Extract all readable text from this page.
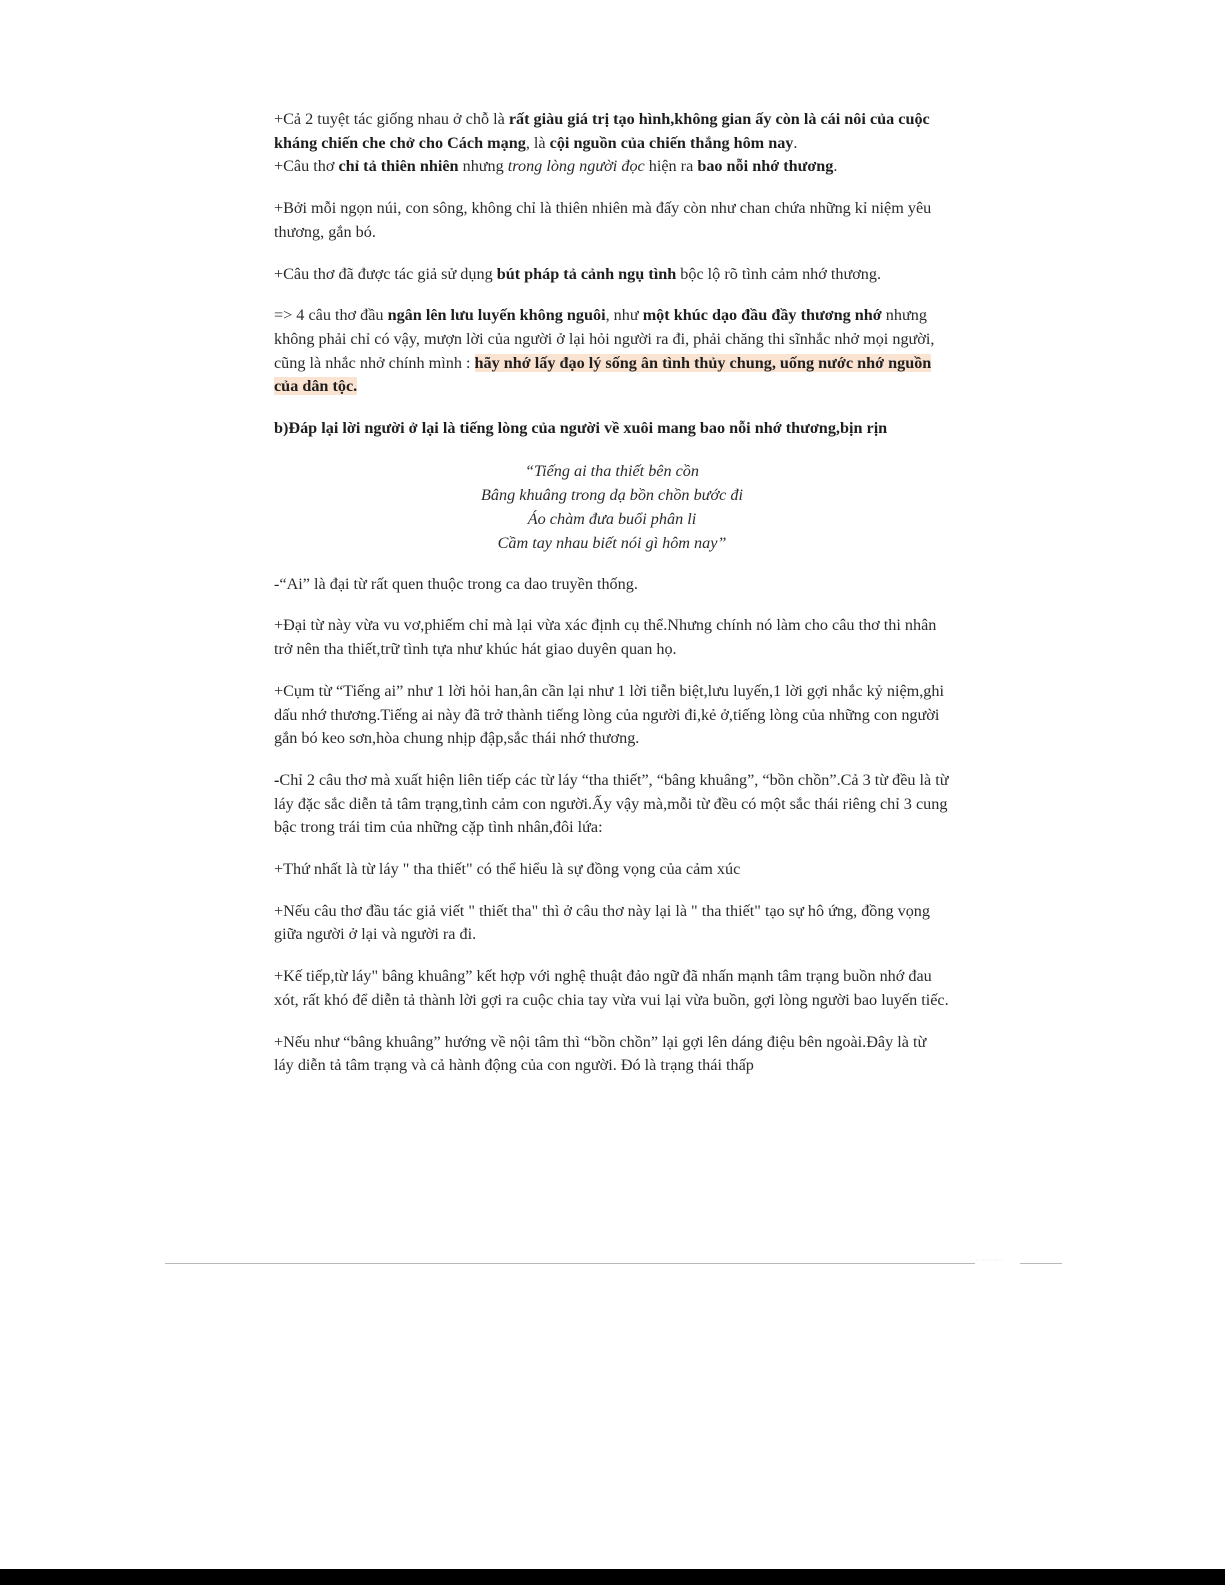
+Cả 2 tuyệt tác giống nhau ở chỗ là rất giàu giá trị tạo hình,không gian ấy còn là cái nôi của cuộc kháng chiến che chở cho Cách mạng, là cội nguồn của chiến thắng hôm nay.
+Câu thơ chỉ tả thiên nhiên nhưng trong lòng người đọc hiện ra bao nỗi nhớ thương.

+Bởi mỗi ngọn núi, con sông, không chỉ là thiên nhiên mà đấy còn như chan chứa những kỉ niệm yêu thương, gắn bó.

+Câu thơ đã được tác giả sử dụng bút pháp tả cảnh ngụ tình bộc lộ rõ tình cảm nhớ thương.

=> 4 câu thơ đầu ngân lên lưu luyến không nguôi, như một khúc dạo đầu đầy thương nhớ nhưng không phải chỉ có vậy, mượn lời của người ở lại hỏi người ra đi, phải chăng thi sĩnhắc nhở mọi người, cũng là nhắc nhở chính mình : hãy nhớ lấy đạo lý sống ân tình thủy chung, uống nước nhớ nguồn của dân tộc.

b)Đáp lại lời người ở lại là tiếng lòng của người về xuôi mang bao nỗi nhớ thương,bịn rịn

“Tiếng ai tha thiết bên cồn
Bâng khuâng trong dạ bồn chồn bước đi
Áo chàm đưa buổi phân li
Cầm tay nhau biết nói gì hôm nay”

-“Ai” là đại từ rất quen thuộc trong ca dao truyền thống.

+Đại từ này vừa vu vơ,phiếm chỉ mà lại vừa xác định cụ thể.Nhưng chính nó làm cho câu thơ thi nhân trở nên tha thiết,trữ tình tựa như khúc hát giao duyên quan họ.

+Cụm từ “Tiếng ai” như 1 lời hỏi han,ân cần lại như 1 lời tiễn biệt,lưu luyến,1 lời gợi nhắc kỷ niệm,ghi dấu nhớ thương.Tiếng ai này đã trở thành tiếng lòng của người đi,kẻ ở,tiếng lòng của những con người gắn bó keo sơn,hòa chung nhịp đập,sắc thái nhớ thương.

-Chỉ 2 câu thơ mà xuất hiện liên tiếp các từ láy “tha thiết”, “bâng khuâng”, “bồn chồn”.Cả 3 từ đều là từ láy đặc sắc diễn tả tâm trạng,tình cảm con người.Ấy vậy mà,mỗi từ đều có một sắc thái riêng chỉ 3 cung bậc trong trái tim của những cặp tình nhân,đôi lứa:

+Thứ nhất là từ láy " tha thiết" có thể hiểu là sự đồng vọng của cảm xúc

+Nếu câu thơ đầu tác giả viết " thiết tha" thì ở câu thơ này lại là " tha thiết" tạo sự hô ứng, đồng vọng giữa người ở lại và người ra đi.

+Kế tiếp,từ láy" bâng khuâng” kết hợp với nghệ thuật đảo ngữ đã nhấn mạnh tâm trạng buồn nhớ đau xót, rất khó để diễn tả thành lời gợi ra cuộc chia tay vừa vui lại vừa buồn, gợi lòng người bao luyến tiếc.

+Nếu như “bâng khuâng” hướng về nội tâm thì “bồn chồn” lại gợi lên dáng điệu bên ngoài.Đây là từ láy diễn tả tâm trạng và cả hành động của con người. Đó là trạng thái thấp

· ········ ·
